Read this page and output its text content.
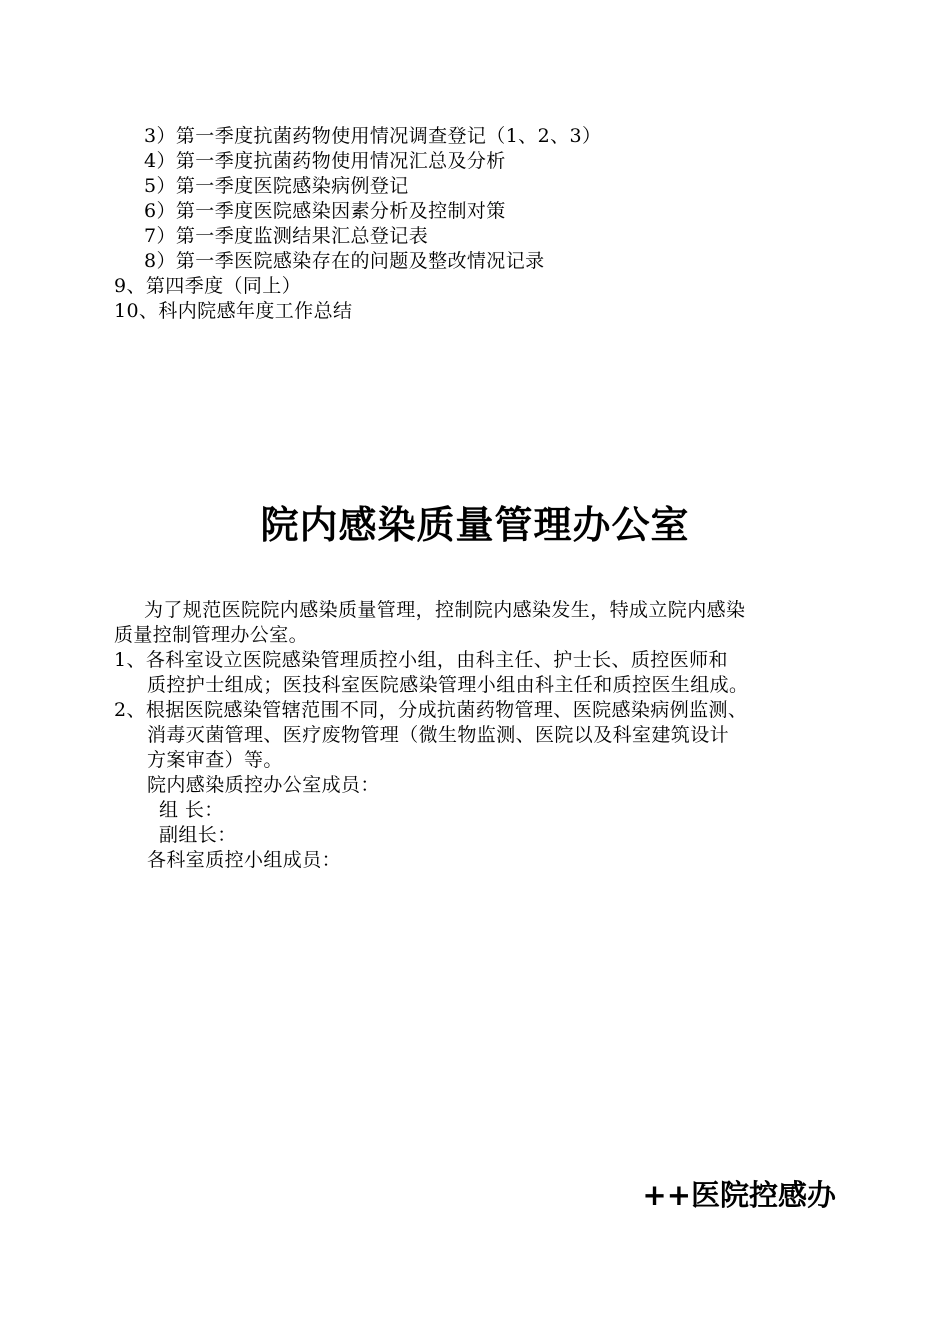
3）第一季度抗菌药物使用情况调查登记（1、2、3）
4）第一季度抗菌药物使用情况汇总及分析
5）第一季度医院感染病例登记
6）第一季度医院感染因素分析及控制对策
7）第一季度监测结果汇总登记表
8）第一季医院感染存在的问题及整改情况记录
9、第四季度（同上）
10、科内院感年度工作总结
院内感染质量管理办公室
为了规范医院院内感染质量管理，控制院内感染发生，特成立院内感染
质量控制管理办公室。
1、各科室设立医院感染管理质控小组，由科主任、护士长、质控医师和
质控护士组成；医技科室医院感染管理小组由科主任和质控医生组成。
2、根据医院感染管辖范围不同，分成抗菌药物管理、医院感染病例监测、
消毒灭菌管理、医疗废物管理（微生物监测、医院以及科室建筑设计
方案审查）等。
院内感染质控办公室成员：
组 长：
副组长：
各科室质控小组成员：
++医院控感办
